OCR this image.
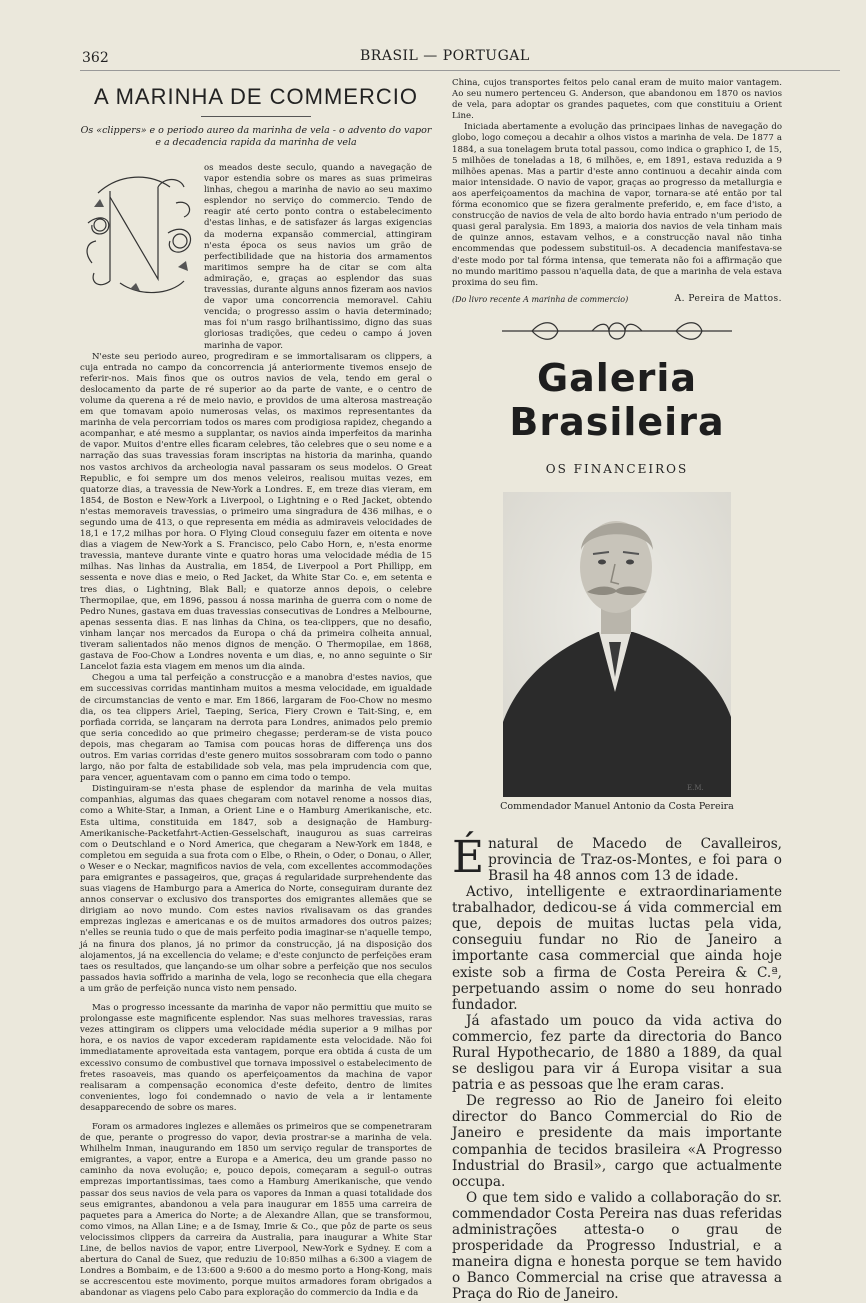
362	BRASIL — PORTUGAL
A MARINHA DE COMMERCIO
Os «clippers» e o periodo aureo da marinha de vela - o advento do vapor e a decadencia rapida da marinha de vela
os meados deste seculo, quando a navegação de vapor estendia sobre os mares as suas primeiras linhas, chegou a marinha de navio ao seu maximo esplendor no serviço do commercio. Tendo de reagir até certo ponto contra o estabelecimento d'estas linhas, e de satisfazer ás largas exigencias da moderna expansão commercial, attingiram n'esta época os seus navios um grão de perfectibilidade que na historia dos armamentos maritimos sempre ha de citar se com alta admiração, e, graças ao esplendor das suas travessias, durante alguns annos fizeram aos navios de vapor uma concorrencia memoravel. Cahiu vencida; o progresso assim o havia determinado; mas foi n'um rasgo brilhantissimo, digno das suas gloriosas tradições, que cedeu o campo á joven marinha de vapor.

N'este seu periodo aureo, progrediram e se immortalisaram os clippers, a cuja entrada no campo da concorrencia já anteriormente tivemos ensejo de referir-nos. Mais finos que os outros navios de vela, tendo em geral o deslocamento da parte de ré superior ao da parte de vante, e o centro de volume da querena a ré de meio navio, e providos de uma alterosa mastreação em que tomavam apoio numerosas velas, os maximos representantes da marinha de vela percorriam todos os mares com prodigiosa rapidez, chegando a acompanhar, e até mesmo a supplantar, os navios ainda imperfeitos da marinha de vapor. Muitos d'entre elles ficaram celebres, tão celebres que o seu nome e a narração das suas travessias foram inscriptas na historia da marinha, quando nos vastos archivos da archeologia naval passaram os seus modelos. O Great Republic, e foi sempre um dos menos veleiros, realisou muitas vezes, em quatorze dias, a travessia de New-York a Londres. E, em treze dias vieram, em 1854, de Boston e New-York a Liverpool, o Lightning e o Red Jacket, obtendo n'estas memoraveis travessias, o primeiro uma singradura de 436 milhas, e o segundo uma de 413, o que representa em média as admiraveis velocidades de 18,1 e 17,2 milhas por hora. O Flying Cloud conseguiu fazer em oitenta e nove dias a viagem de New-York a S. Francisco, pelo Cabo Horn, e, n'esta enorme travessia, manteve durante vinte e quatro horas uma velocidade média de 15 milhas. Nas linhas da Australia, em 1854, de Liverpool a Port Phillipp, em sessenta e nove dias e meio, o Red Jacket, da White Star Co. e, em setenta e tres dias, o Lightning, Blak Ball; e quatorze annos depois, o celebre Thermopilae, que, em 1896, passou á nossa marinha de guerra com o nome de Pedro Nunes, gastava em duas travessias consecutivas de Londres a Melbourne, apenas sessenta dias. E nas linhas da China, os tea-clippers, que no desafio, vinham lançar nos mercados da Europa o chá da primeira colheita annual, tiveram salientados não menos dignos de menção. O Thermopilae, em 1868, gastava de Foo-Chow a Londres noventa e um dias, e, no anno seguinte o Sir Lancelot fazia esta viagem em menos um dia ainda.

Chegou a uma tal perfeição a construcção e a manobra d'estes navios, que em successivas corridas mantinham muitos a mesma velocidade, em igualdade de circumstancias de vento e mar. Em 1866, largaram de Foo-Chow no mesmo dia, os tea clippers Ariel, Taeping, Serica, Fiery Crown e Tait-Sing, e, em porfiada corrida, se lançaram na derrota para Londres, animados pelo premio que seria concedido ao que primeiro chegasse; perderam-se de vista pouco depois, mas chegaram ao Tamisa com poucas horas de differença uns dos outros. Em varias corridas d'este genero muitos sossobraram com todo o panno largo, não por falta de estabilidade sob vela, mas pela imprudencia com que, para vencer, aguentavam com o panno em cima todo o tempo.

Distinguiram-se n'esta phase de esplendor da marinha de vela muitas companhias, algumas das quaes chegaram com notavel renome a nossos dias, como a White-Star, a Inman, a Orient Line e o Hamburg Amerikanische, etc. Esta ultima, constituida em 1847, sob a designação de Hamburg-Amerikanische-Packetfahrt-Actien-Gesselschaft, inaugurou as suas carreiras com o Deutschland e o Nord America, que chegaram a New-York em 1848, e completou em seguida a sua frota com o Elbe, o Rhein, o Oder, o Donau, o Aller, o Weser e o Neckar, magnificos navios de vela, com excellentes accommodações para emigrantes e passageiros, que, graças á regularidade surprehendente das suas viagens de Hamburgo para a America do Norte, conseguiram durante dez annos conservar o exclusivo dos transportes dos emigrantes allemães que se dirigiam ao novo mundo. Com estes navios rivalisavam os das grandes emprezas inglezas e americanas e os de muitos armadores dos outros paizes; n'elles se reunia tudo o que de mais perfeito podia imaginar-se n'aquelle tempo, já na finura dos planos, já no primor da construcção, já na disposição dos alojamentos, já na excellencia do velame; e d'este conjuncto de perfeições eram taes os resultados, que lançando-se um olhar sobre a perfeição que nos seculos passados havia soffrido a marinha de vela, logo se reconhecia que ella chegara a um grão de perfeição nunca visto nem pensado.

Mas o progresso incessante da marinha de vapor não permittiu que muito se prolongasse este magnificente esplendor. Nas suas melhores travessias, raras vezes attingiram os clippers uma velocidade média superior a 9 milhas por hora, e os navios de vapor excederam rapidamente esta velocidade. Não foi immediatamente aproveitada esta vantagem, porque era obtida á custa de um excessivo consumo de combustivel que tornava impossivel o estabelecimento de fretes rasoaveis, mas quando os aperfeiçoamentos da machina de vapor realisaram a compensação economica d'este defeito, dentro de limites convenientes, logo foi condemnado o navio de vela a ir lentamente desapparecendo de sobre os mares.

Foram os armadores inglezes e allemães os primeiros que se compenetraram de que, perante o progresso do vapor, devia prostrar-se a marinha de vela. Whilhelm Inman, inaugurando em 1850 um serviço regular de transportes de emigrantes, a vapor, entre a Europa e a America, deu um grande passo no caminho da nova evolução; e, pouco depois, começaram a seguil-o outras emprezas importantissimas, taes como a Hamburg Amerikanische, que vendo passar dos seus navios de vela para os vapores da Inman a quasi totalidade dos seus emigrantes, abandonou a vela para inaugurar em 1855 uma carreira de paquetes para a America do Norte; a de Alexandre Allan, que se transformou, como vimos, na Allan Line; e a de Ismay, Imrie & Co., que pôz de parte os seus velocissimos clippers da carreira da Australia, para inaugurar a White Star Line, de bellos navios de vapor, entre Liverpool, New-York e Sydney. E com a abertura do Canal de Suez, que reduziu de 10:850 milhas a 6:300 a viagem de Londres a Bombaim, e de 13:600 a 9:600 a do mesmo porto a Hong-Kong, mais se accrescentou este movimento, porque muitos armadores foram obrigados a abandonar as viagens pelo Cabo para exploração do commercio da India e da

China, cujos transportes feitos pelo canal eram de muito maior vantagem. Ao seu numero pertenceu G. Anderson, que abandonou em 1870 os navios de vela, para adoptar os grandes paquetes, com que constituiu a Orient Line.

Iniciada abertamente a evolução das principaes linhas de navegação do globo, logo começou a decahir a olhos vistos a marinha de vela. De 1877 a 1884, a sua tonelagem bruta total passou, como indica o graphico I, de 15, 5 milhões de toneladas a 18, 6 milhões, e, em 1891, estava reduzida a 9 milhões apenas. Mas a partir d'este anno continuou a decahir ainda com maior intensidade. O navio de vapor, graças ao progresso da metallurgia e aos aperfeiçoamentos da machina de vapor, tornara-se até então por tal fórma economico que se fizera geralmente preferido, e, em face d'isto, a construcção de navios de vela de alto bordo havia entrado n'um periodo de quasi geral paralysia. Em 1893, a maioria dos navios de vela tinham mais de quinze annos, estavam velhos, e a construcção naval não tinha encommendas que podessem substituil-os. A decadencia manifestava-se d'este modo por tal fórma intensa, que temerata não foi a affirmação que no mundo maritimo passou n'aquella data, de que a marinha de vela estava proxima do seu fim.

(Do livro recente A marinha de commercio)	A. Pereira de Mattos.
Galeria Brasileira
OS FINANCEIROS
E.M.
Commendador Manuel Antonio da Costa Pereira

Énatural de Macedo de Cavalleiros, provincia de Traz-os-Montes, e foi para o Brasil ha 48 annos com 13 de idade.

Activo, intelligente e extraordinariamente trabalhador, dedicou-se á vida commercial em que, depois de muitas luctas pela vida, conseguiu fundar no Rio de Janeiro a importante casa commercial que ainda hoje existe sob a firma de Costa Pereira & C.ª, perpetuando assim o nome do seu honrado fundador.

Já afastado um pouco da vida activa do commercio, fez parte da directoria do Banco Rural Hypothecario, de 1880 a 1889, da qual se desligou para vir á Europa visitar a sua patria e as pessoas que lhe eram caras.

De regresso ao Rio de Janeiro foi eleito director do Banco Commercial do Rio de Janeiro e presidente da mais importante companhia de tecidos brasileira «A Progresso Industrial do Brasil», cargo que actualmente occupa.

O que tem sido e valido a collaboração do sr. commendador Costa Pereira nas duas referidas administrações attesta-o o grau de prosperidade da Progresso Industrial, e a maneira digna e honesta porque se tem havido o Banco Commercial na crise que atravessa a Praça do Rio de Janeiro.
